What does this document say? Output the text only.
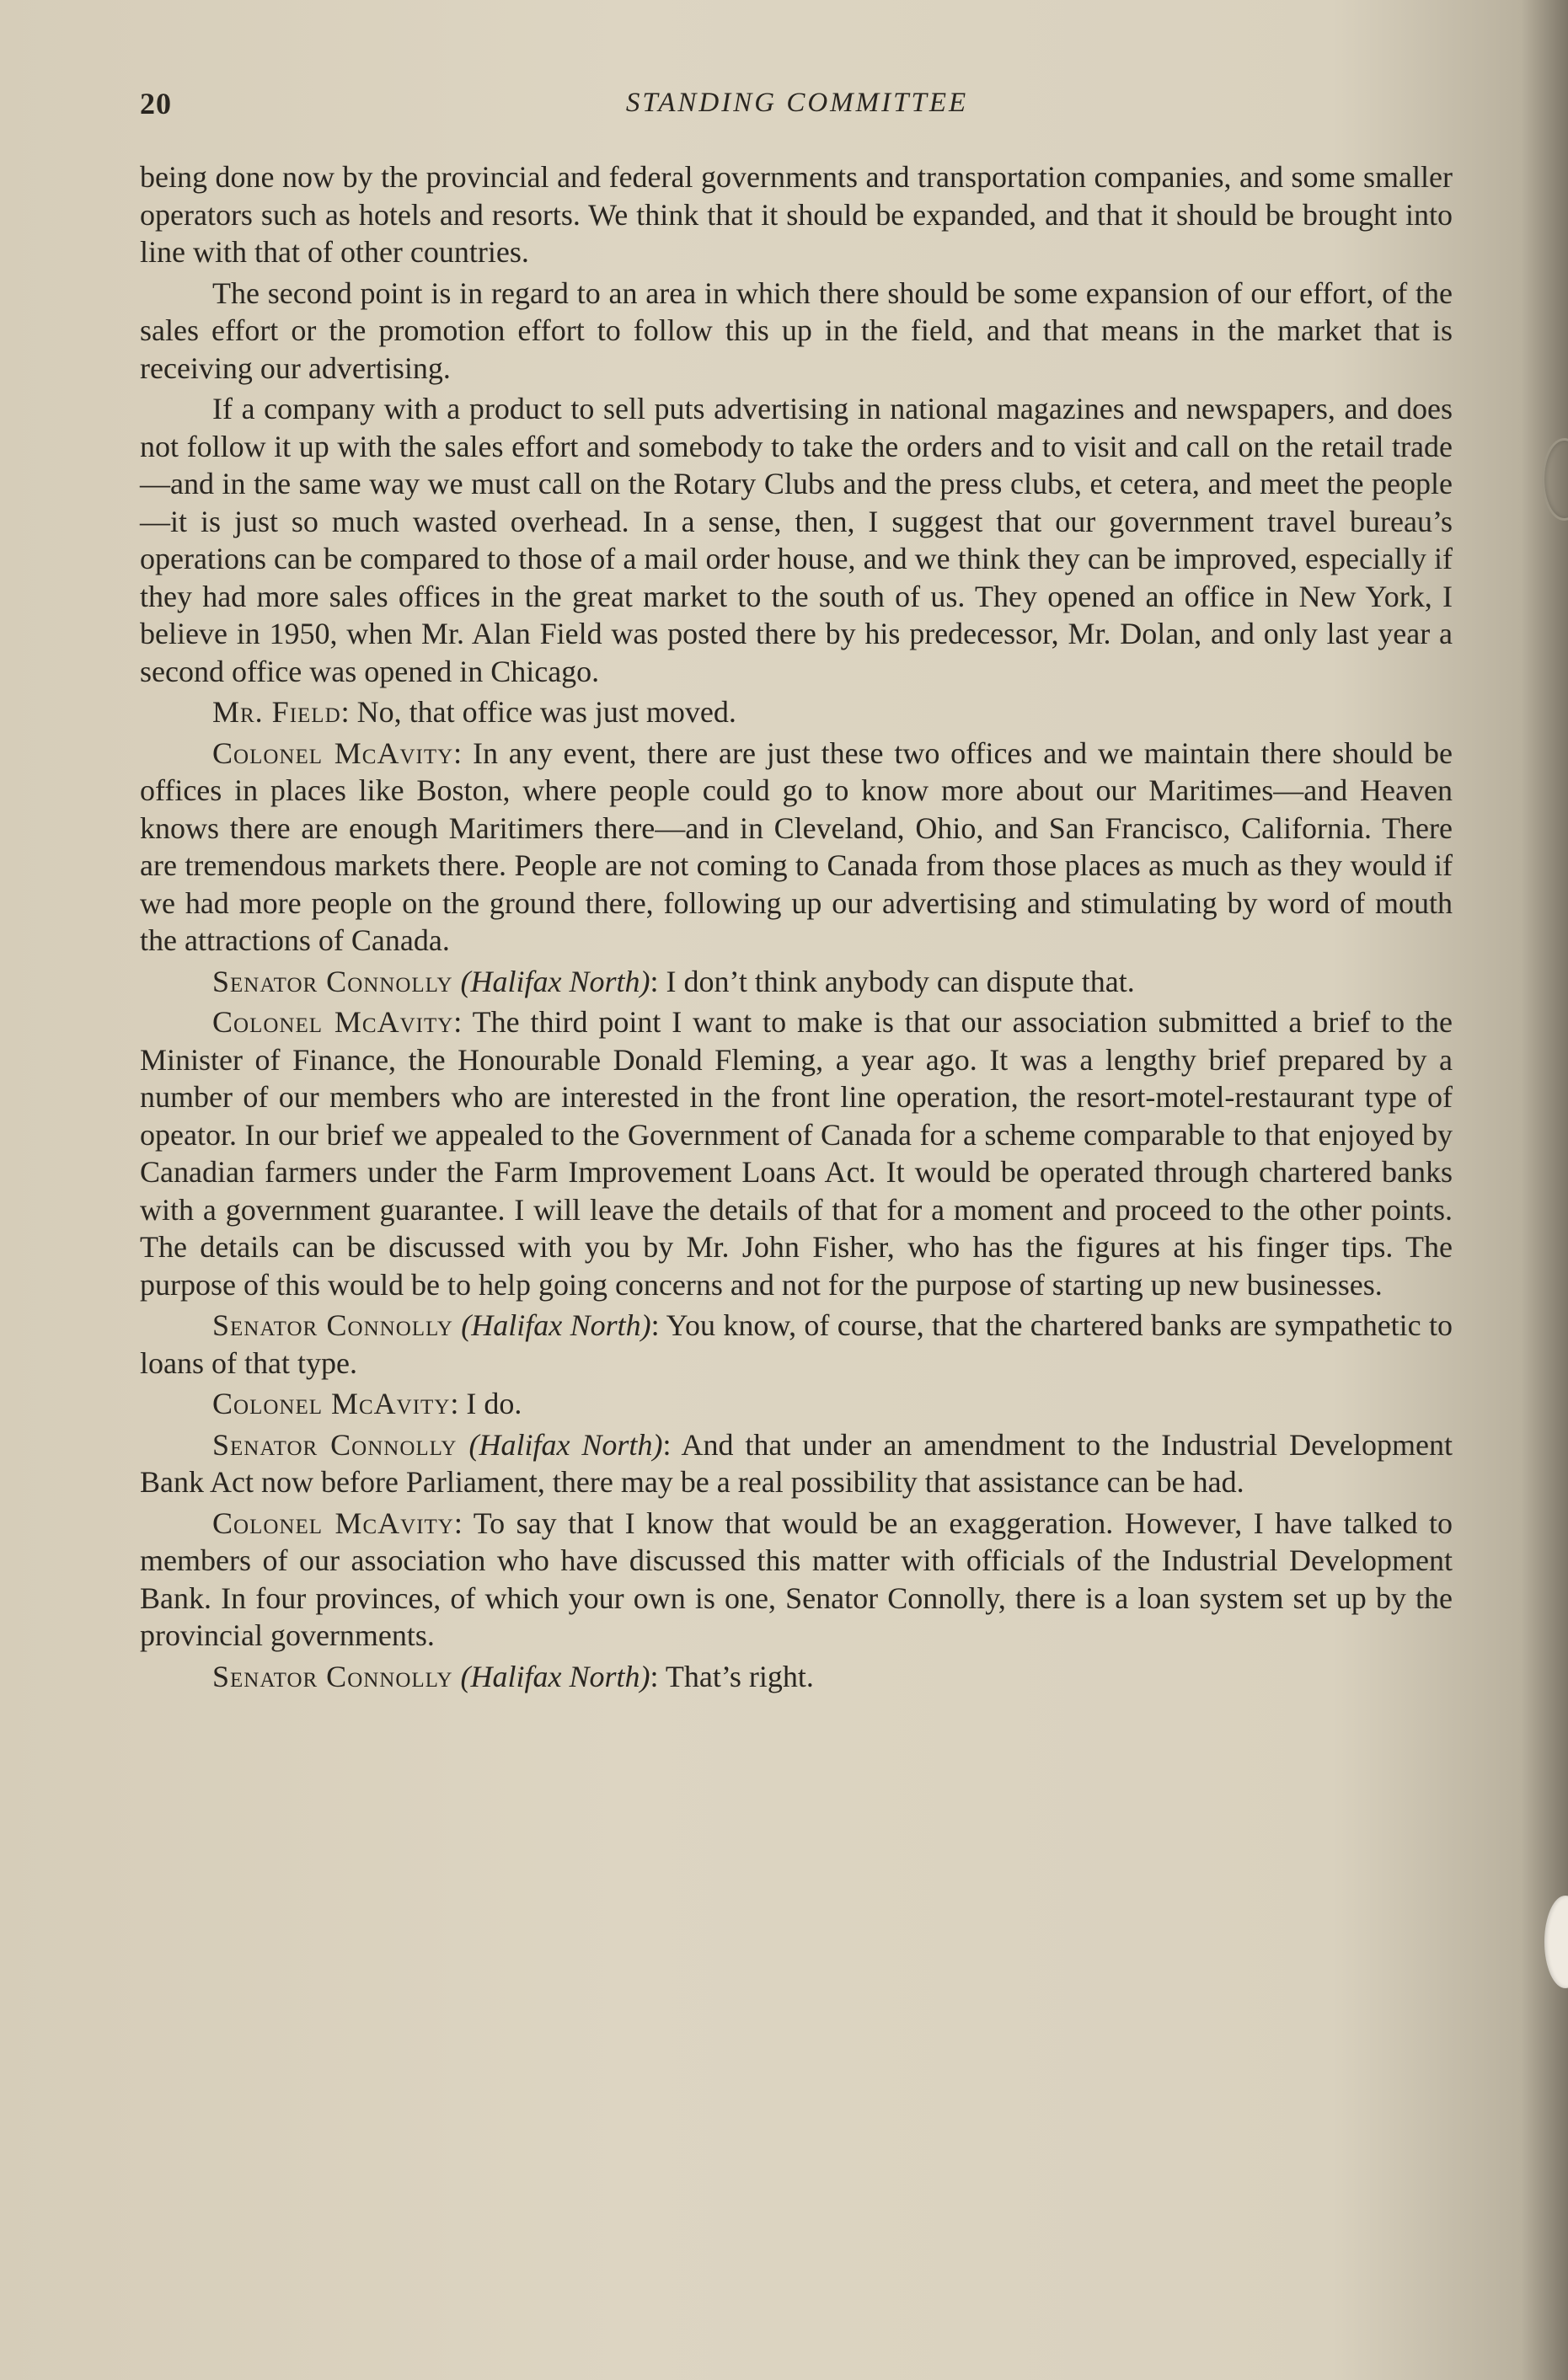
20	STANDING COMMITTEE

being done now by the provincial and federal governments and transportation companies, and some smaller operators such as hotels and resorts. We think that it should be expanded, and that it should be brought into line with that of other countries.

The second point is in regard to an area in which there should be some expansion of our effort, of the sales effort or the promotion effort to follow this up in the field, and that means in the market that is receiving our advertising.

If a company with a product to sell puts advertising in national magazines and newspapers, and does not follow it up with the sales effort and somebody to take the orders and to visit and call on the retail trade—and in the same way we must call on the Rotary Clubs and the press clubs, et cetera, and meet the people—it is just so much wasted overhead. In a sense, then, I suggest that our government travel bureau’s operations can be compared to those of a mail order house, and we think they can be improved, especially if they had more sales offices in the great market to the south of us. They opened an office in New York, I believe in 1950, when Mr. Alan Field was posted there by his predecessor, Mr. Dolan, and only last year a second office was opened in Chicago.

Mr. Field: No, that office was just moved.

Colonel McAvity: In any event, there are just these two offices and we maintain there should be offices in places like Boston, where people could go to know more about our Maritimes—and Heaven knows there are enough Maritimers there—and in Cleveland, Ohio, and San Francisco, California. There are tremendous markets there. People are not coming to Canada from those places as much as they would if we had more people on the ground there, following up our advertising and stimulating by word of mouth the attractions of Canada.

Senator Connolly (Halifax North): I don’t think anybody can dispute that.

Colonel McAvity: The third point I want to make is that our association submitted a brief to the Minister of Finance, the Honourable Donald Fleming, a year ago. It was a lengthy brief prepared by a number of our members who are interested in the front line operation, the resort-motel-restaurant type of opeator. In our brief we appealed to the Government of Canada for a scheme comparable to that enjoyed by Canadian farmers under the Farm Improvement Loans Act. It would be operated through chartered banks with a government guarantee. I will leave the details of that for a moment and proceed to the other points. The details can be discussed with you by Mr. John Fisher, who has the figures at his finger tips. The purpose of this would be to help going concerns and not for the purpose of starting up new businesses.

Senator Connolly (Halifax North): You know, of course, that the chartered banks are sympathetic to loans of that type.

Colonel McAvity: I do.

Senator Connolly (Halifax North): And that under an amendment to the Industrial Development Bank Act now before Parliament, there may be a real possibility that assistance can be had.

Colonel McAvity: To say that I know that would be an exaggeration. However, I have talked to members of our association who have discussed this matter with officials of the Industrial Development Bank. In four provinces, of which your own is one, Senator Connolly, there is a loan system set up by the provincial governments.

Senator Connolly (Halifax North): That’s right.
